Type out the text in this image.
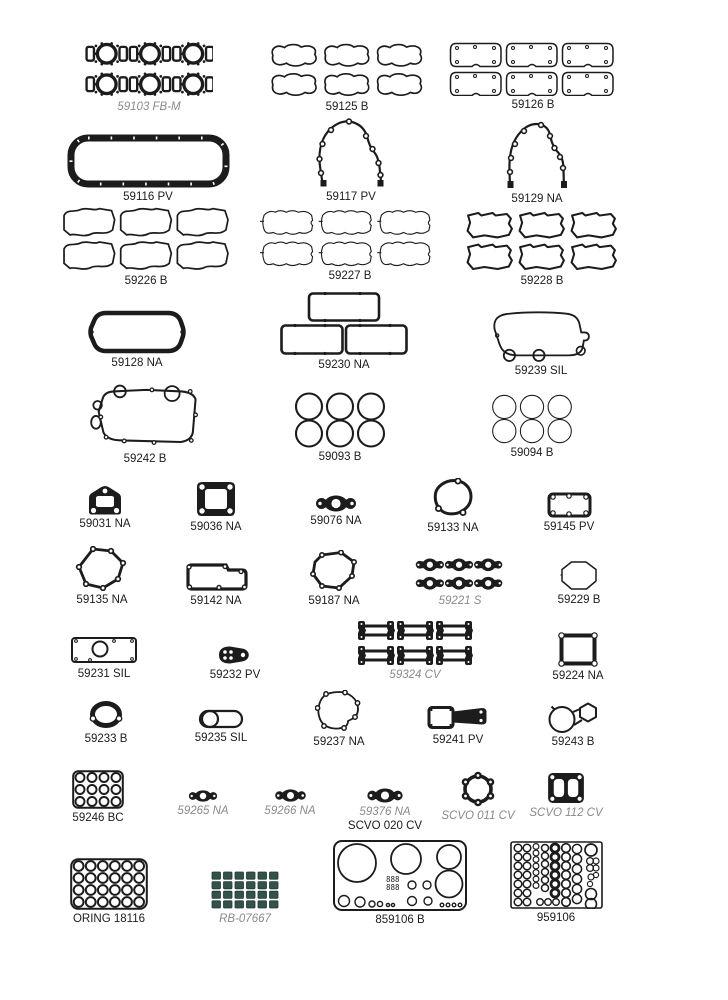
59103 FB-M	59125 B	59126 B
59116 PV	59117 PV	59129 NA
59226 B	59227 B	59228 B
59128 NA	59230 NA	59239 SIL
59242 B	59093 B	59094 B
59031 NA	59036 NA	59076 NA
59133 NA	59145 PV
59135 NA	59142 NA	59187 NA	59221 S	59229 B
59231 SIL	59232 PV	59324 CV	59224 NA
59233 B	59235 SIL	59237 NA	59241 PV	59243 B
59246 BC
59265 NA	59266 NA	59376 NA
SCVO 020 CV
SCVO 011 CV SCVO 112 CV
ORING 18116	RB-07667
888
888
859106 B	959106
